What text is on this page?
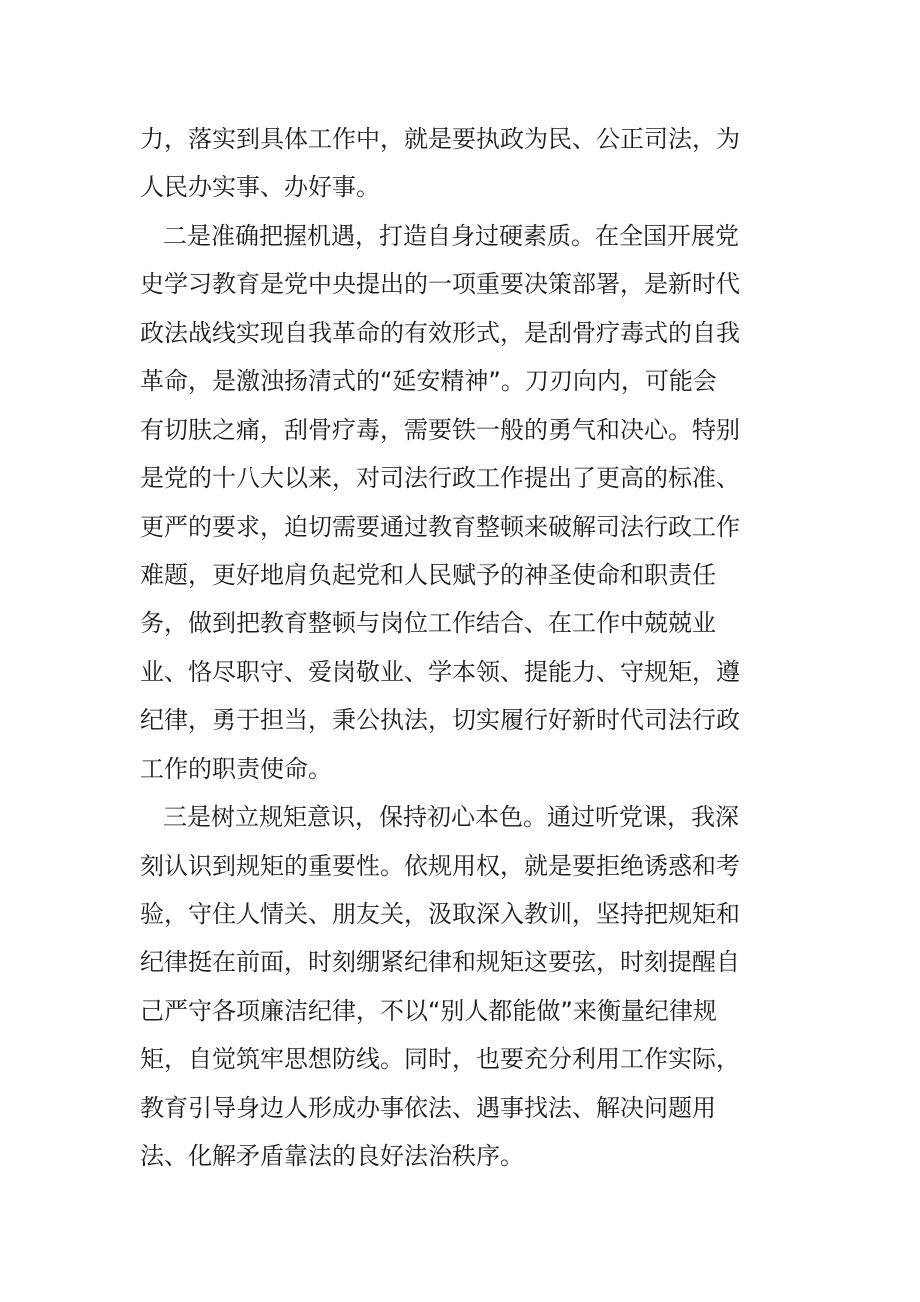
力，落实到具体工作中，就是要执政为民、公正司法，为
人民办实事、办好事。
二是准确把握机遇，打造自身过硬素质。在全国开展党
史学习教育是党中央提出的一项重要决策部署，是新时代
政法战线实现自我革命的有效形式，是刮骨疗毒式的自我
革命，是激浊扬清式的“延安精神”。刀刃向内，可能会
有切肤之痛，刮骨疗毒，需要铁一般的勇气和决心。特别
是党的十八大以来，对司法行政工作提出了更高的标准、
更严的要求，迫切需要通过教育整顿来破解司法行政工作
难题，更好地肩负起党和人民赋予的神圣使命和职责任
务，做到把教育整顿与岗位工作结合、在工作中兢兢业
业、恪尽职守、爱岗敬业、学本领、提能力、守规矩，遵
纪律，勇于担当，秉公执法，切实履行好新时代司法行政
工作的职责使命。
三是树立规矩意识，保持初心本色。通过听党课，我深
刻认识到规矩的重要性。依规用权，就是要拒绝诱惑和考
验，守住人情关、朋友关，汲取深入教训，坚持把规矩和
纪律挺在前面，时刻绷紧纪律和规矩这要弦，时刻提醒自
己严守各项廉洁纪律，不以“别人都能做”来衡量纪律规
矩，自觉筑牢思想防线。同时，也要充分利用工作实际，
教育引导身边人形成办事依法、遇事找法、解决问题用
法、化解矛盾靠法的良好法治秩序。
